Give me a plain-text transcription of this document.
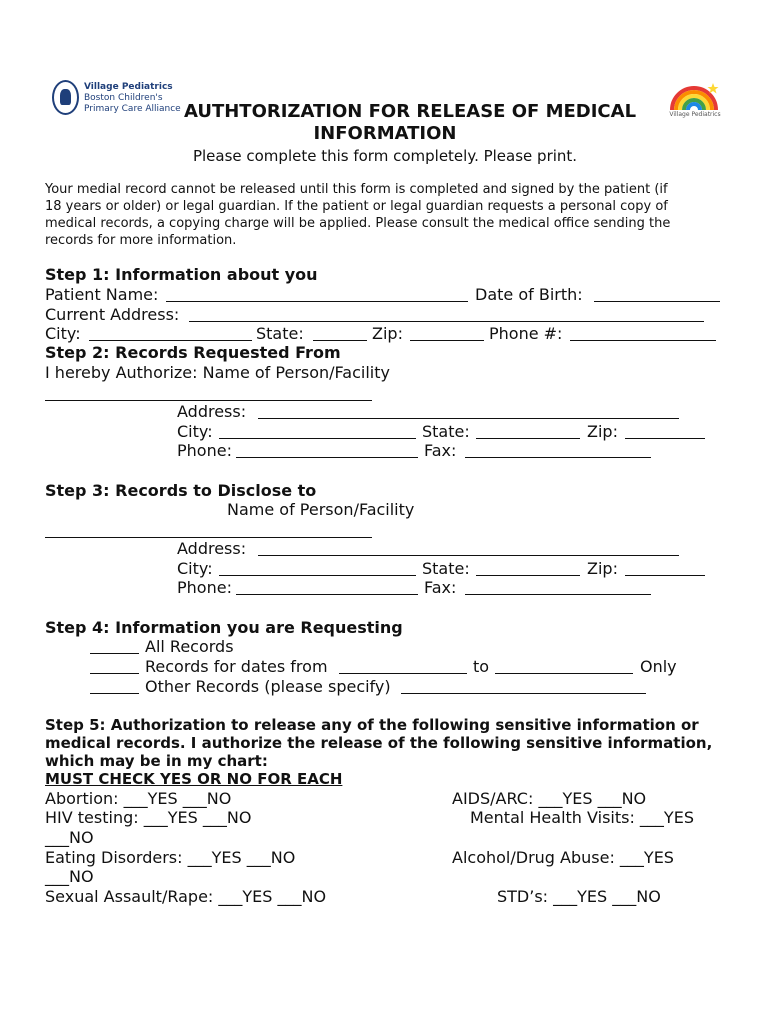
Village Pediatrics
Boston Children's
Primary Care Alliance
Village Pediatrics
AUTHTORIZATION FOR RELEASE OF MEDICAL
INFORMATION
Please complete this form completely. Please print.
Your medial record cannot be released until this form is completed and signed by the patient (if
18 years or older) or legal guardian. If the patient or legal guardian requests a personal copy of
medical records, a copying charge will be applied. Please consult the medical office sending the
records for more information.
Step 1: Information about you
Patient Name:	Date of Birth:
Current Address:
City:	State:	Zip:	Phone #:
Step 2: Records Requested From
I hereby Authorize: Name of Person/Facility
Address:
City:	State:	Zip:
Phone:	Fax:
Step 3: Records to Disclose to
Name of Person/Facility
Address:
City:	State:	Zip:
Phone:	Fax:
Step 4: Information you are Requesting
All Records
Records for dates from	to	Only
Other Records (please specify)
Step 5: Authorization to release any of the following sensitive information or
medical records. I authorize the release of the following sensitive information,
which may be in my chart:
MUST CHECK YES OR NO FOR EACH
Abortion: ___YES ___NO	AIDS/ARC: ___YES ___NO
HIV testing: ___YES ___NO	Mental Health Visits: ___YES
___NO
Eating Disorders: ___YES ___NO	Alcohol/Drug Abuse: ___YES
___NO
Sexual Assault/Rape: ___YES ___NO	STD’s: ___YES ___NO
